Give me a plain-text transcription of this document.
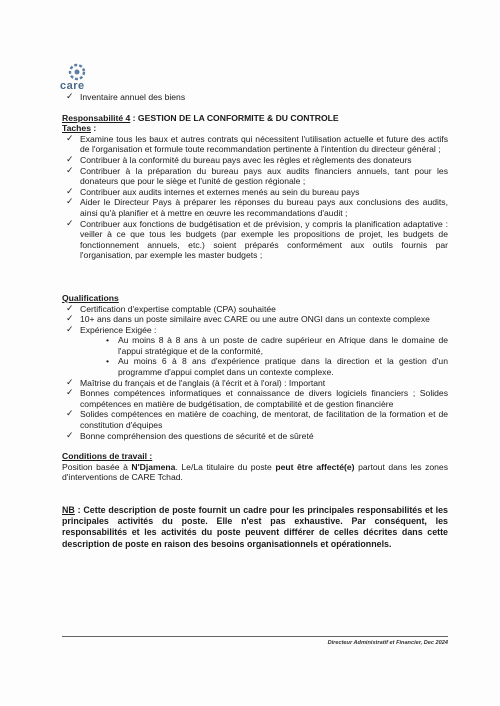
care
✓ Inventaire annuel des biens
Responsabilité 4 : GESTION DE LA CONFORMITE & DU CONTROLE
Taches :
✓ Examine tous les baux et autres contrats qui nécessitent l'utilisation actuelle et future des actifs de l'organisation et formule toute recommandation pertinente à l'intention du directeur général ;
✓ Contribuer à la conformité du bureau pays avec les règles et règlements des donateurs
✓ Contribuer à la préparation du bureau pays aux audits financiers annuels, tant pour les donateurs que pour le siège et l'unité de gestion régionale ;
✓ Contribuer aux audits internes et externes menés au sein du bureau pays
✓ Aider le Directeur Pays à préparer les réponses du bureau pays aux conclusions des audits, ainsi qu'à planifier et à mettre en œuvre les recommandations d'audit ;
✓ Contribuer aux fonctions de budgétisation et de prévision, y compris la planification adaptative : veiller à ce que tous les budgets (par exemple les propositions de projet, les budgets de fonctionnement annuels, etc.) soient préparés conformément aux outils fournis par l'organisation, par exemple les master budgets ;
Qualifications
✓ Certification d'expertise comptable (CPA) souhaitée
✓ 10+ ans dans un poste similaire avec CARE ou une autre ONGI dans un contexte complexe
✓ Expérience Exigée :
• Au moins 8 à 8 ans à un poste de cadre supérieur en Afrique dans le domaine de l'appui stratégique et de la conformité,
• Au moins 6 à 8 ans d'expérience pratique dans la direction et la gestion d'un programme d'appui complet dans un contexte complexe.
✓ Maîtrise du français et de l'anglais (à l'écrit et à l'oral) : Important
✓ Bonnes compétences informatiques et connaissance de divers logiciels financiers ; Solides compétences en matière de budgétisation, de comptabilité et de gestion financière
✓ Solides compétences en matière de coaching, de mentorat, de facilitation de la formation et de constitution d'équipes
✓ Bonne compréhension des questions de sécurité et de sûreté
Conditions de travail :
Position basée à N'Djamena. Le/La titulaire du poste peut être affecté(e) partout dans les zones d'interventions de CARE Tchad.
NB : Cette description de poste fournit un cadre pour les principales responsabilités et les principales activités du poste. Elle n'est pas exhaustive. Par conséquent, les responsabilités et les activités du poste peuvent différer de celles décrites dans cette description de poste en raison des besoins organisationnels et opérationnels.
Directeur Administratif et Financier, Dec 2024
